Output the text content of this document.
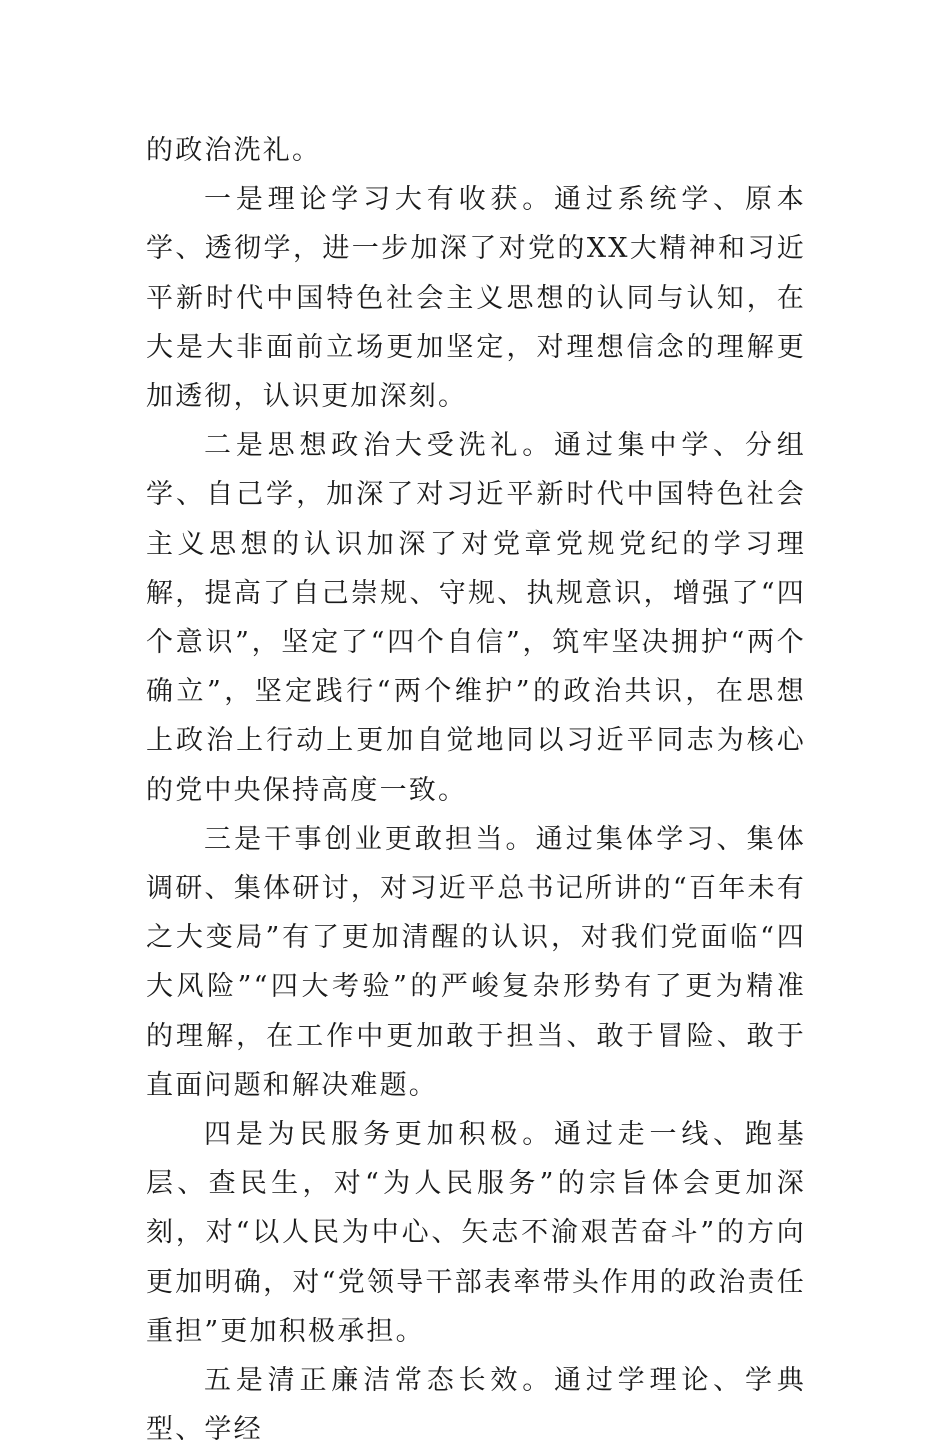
的政治洗礼。

一是理论学习大有收获。通过系统学、原本学、透彻学，进一步加深了对党的XX大精神和习近平新时代中国特色社会主义思想的认同与认知，在大是大非面前立场更加坚定，对理想信念的理解更加透彻，认识更加深刻。

二是思想政治大受洗礼。通过集中学、分组学、自己学，加深了对习近平新时代中国特色社会主义思想的认识加深了对党章党规党纪的学习理解，提高了自己崇规、守规、执规意识，增强了“四个意识”，坚定了“四个自信”，筑牢坚决拥护“两个确立”，坚定践行“两个维护”的政治共识，在思想上政治上行动上更加自觉地同以习近平同志为核心的党中央保持高度一致。

三是干事创业更敢担当。通过集体学习、集体调研、集体研讨，对习近平总书记所讲的“百年未有之大变局”有了更加清醒的认识，对我们党面临“四大风险”“四大考验”的严峻复杂形势有了更为精准的理解，在工作中更加敢于担当、敢于冒险、敢于直面问题和解决难题。

四是为民服务更加积极。通过走一线、跑基层、查民生，对“为人民服务”的宗旨体会更加深刻，对“以人民为中心、矢志不渝艰苦奋斗”的方向更加明确，对“党领导干部表率带头作用的政治责任重担”更加积极承担。

五是清正廉洁常态长效。通过学理论、学典型、学经
